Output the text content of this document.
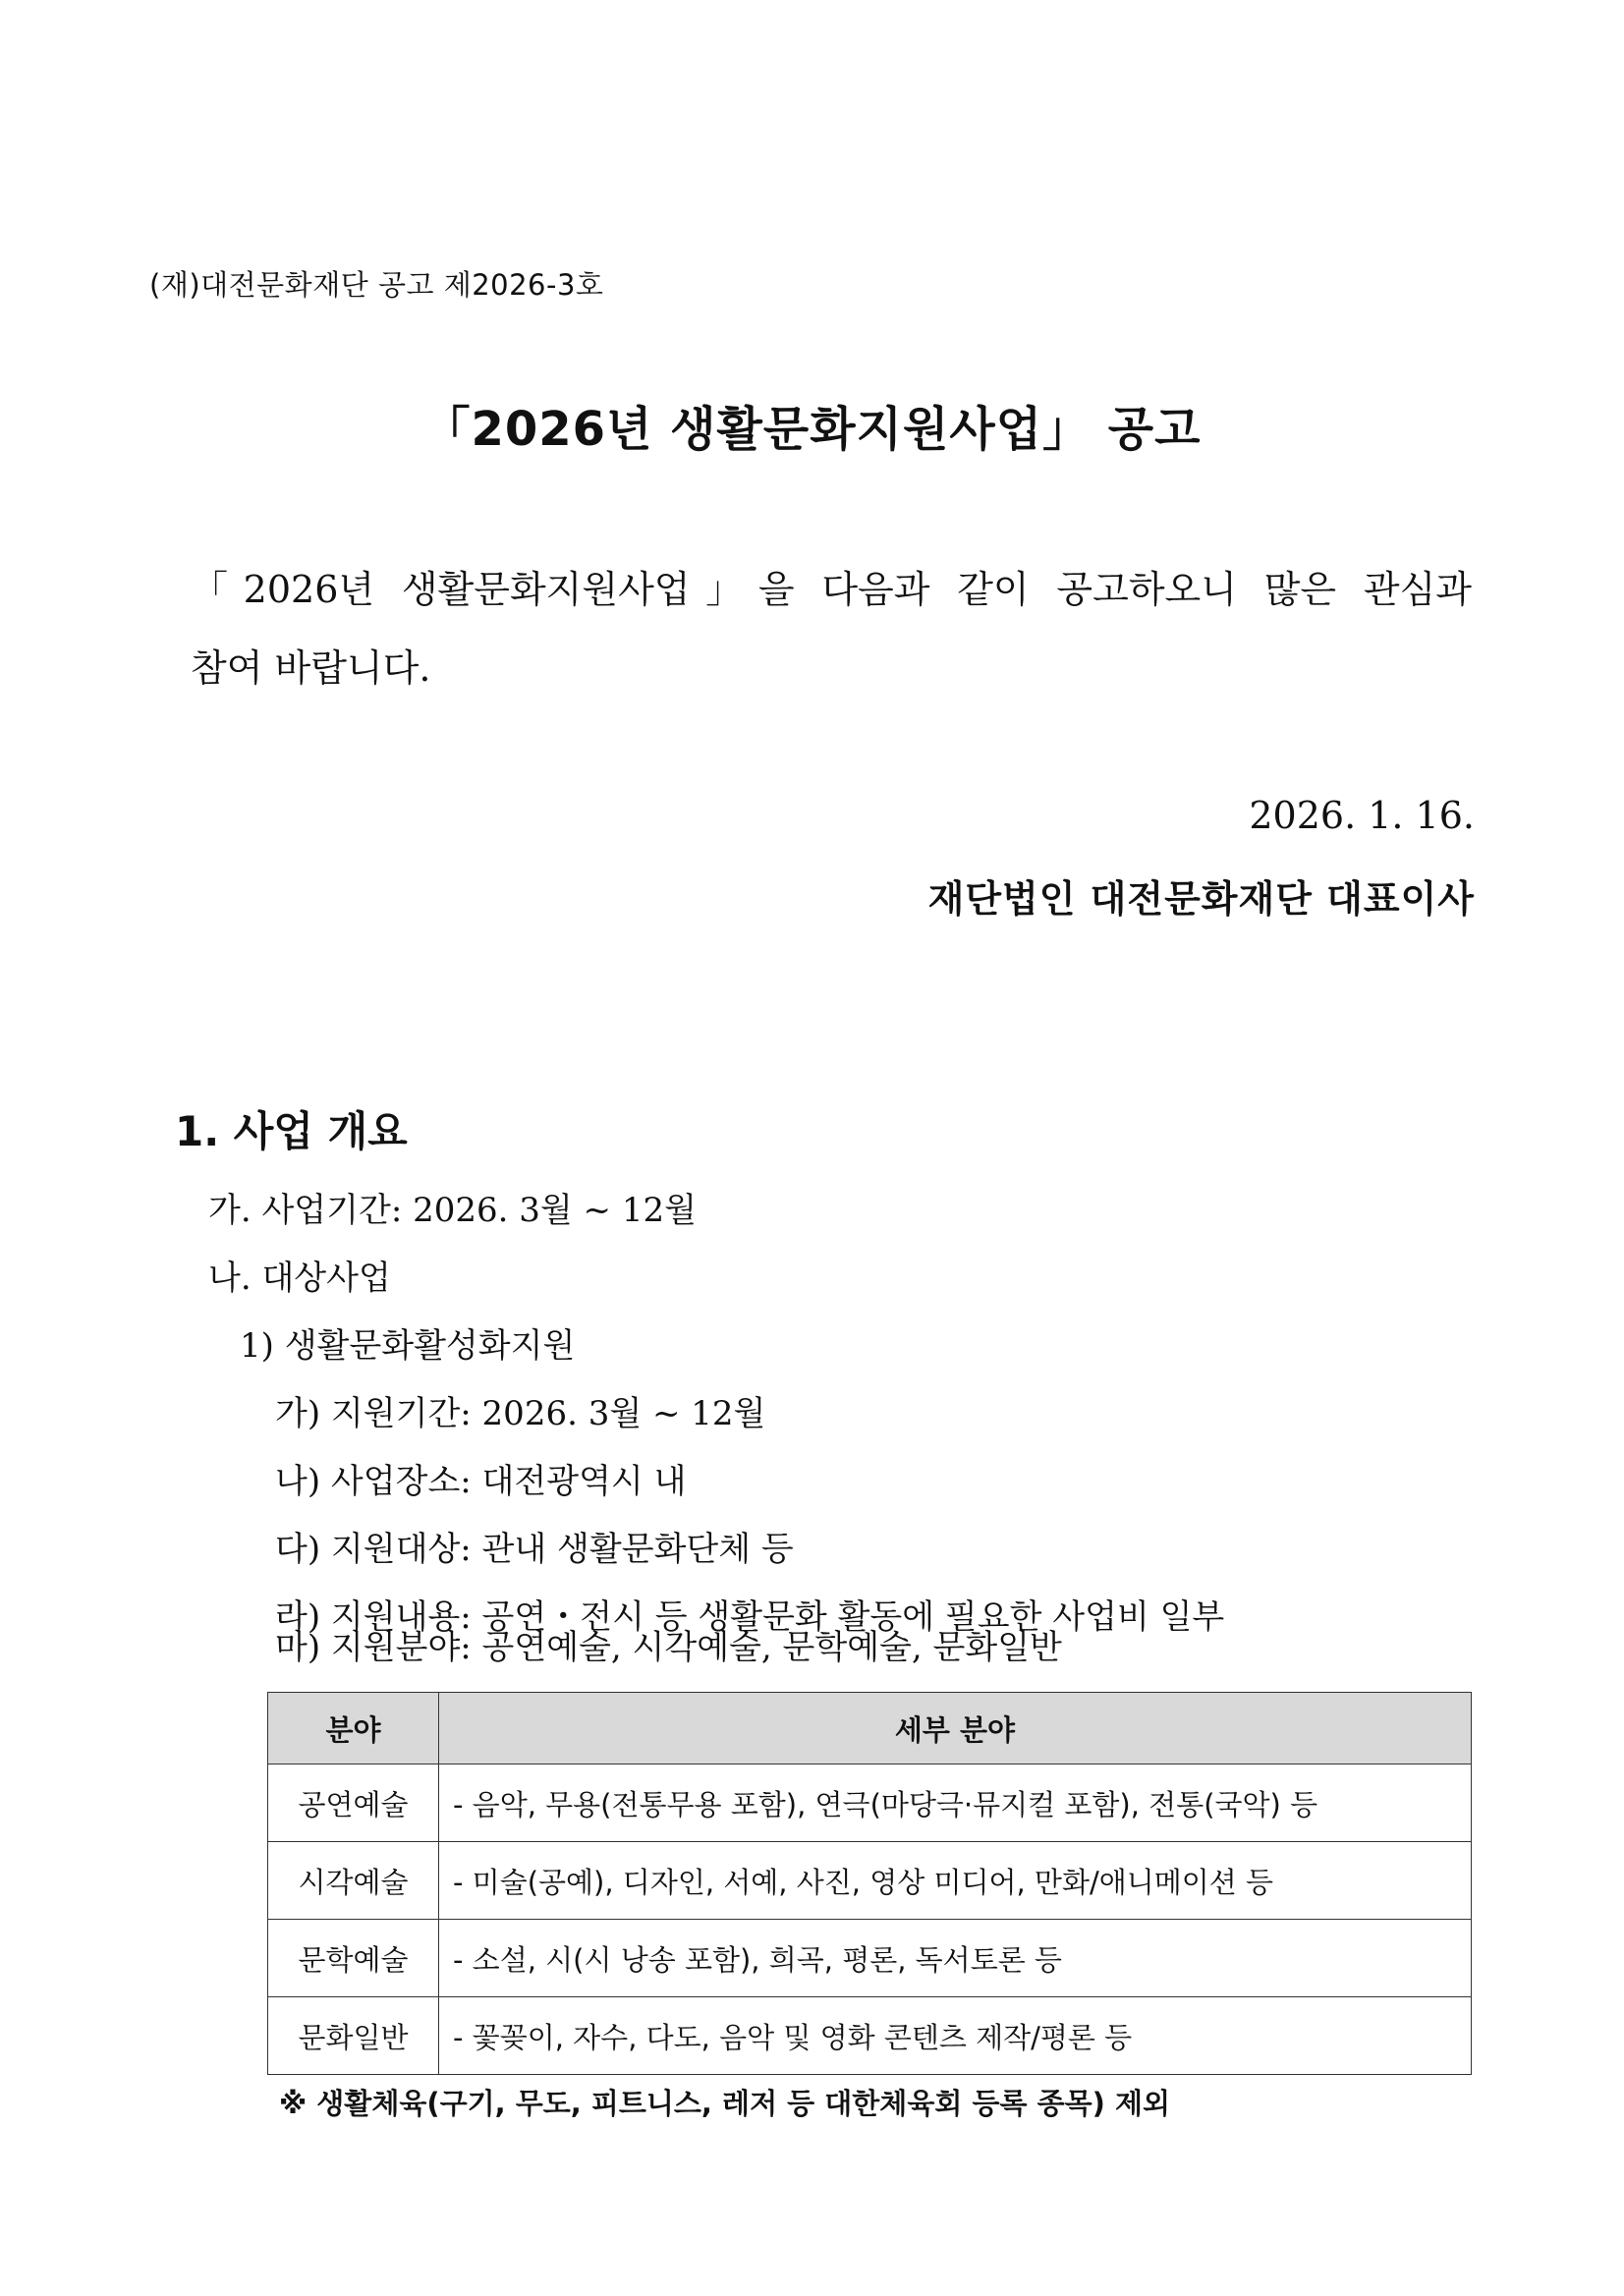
(재)대전문화재단 공고 제2026-3호
「2026년 생활문화지원사업」 공고
「2026년 생활문화지원사업」을 다음과 같이 공고하오니 많은 관심과
참여 바랍니다.
2026. 1. 16.
재단법인 대전문화재단 대표이사
1. 사업 개요
가. 사업기간: 2026. 3월 ~ 12월
나. 대상사업
1) 생활문화활성화지원
가) 지원기간: 2026. 3월 ~ 12월
나) 사업장소: 대전광역시 내
다) 지원대상: 관내 생활문화단체 등
라) 지원내용: 공연・전시 등 생활문화 활동에 필요한 사업비 일부
분야	세부 분야
공연예술	- 음악, 무용(전통무용 포함), 연극(마당극·뮤지컬 포함), 전통(국악) 등
시각예술	- 미술(공예), 디자인, 서예, 사진, 영상 미디어, 만화/애니메이션 등
문학예술	- 소설, 시(시 낭송 포함), 희곡, 평론, 독서토론 등
문화일반	- 꽃꽂이, 자수, 다도, 음악 및 영화 콘텐츠 제작/평론 등
※ 생활체육(구기, 무도, 피트니스, 레저 등 대한체육회 등록 종목) 제외
마) 지원분야: 공연예술, 시각예술, 문학예술, 문화일반
